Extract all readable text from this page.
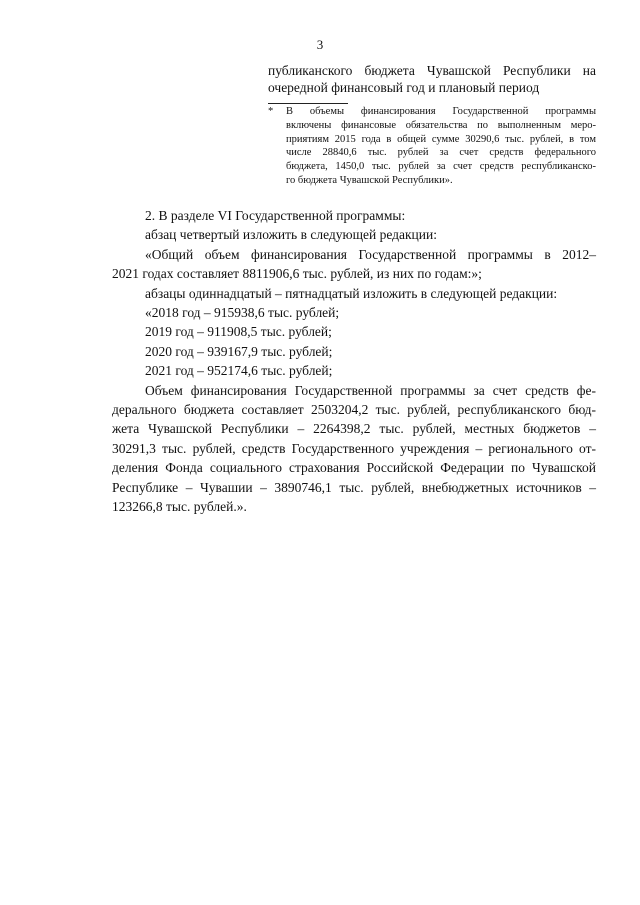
3
публиканского бюджета Чувашской Республики на
очередной финансовый год и плановый период
* В объемы финансирования Государственной программы
включены финансовые обязательства по выполненным меро-
приятиям 2015 года в общей сумме 30290,6 тыс. рублей, в том
числе 28840,6 тыс. рублей за счет средств федерального
бюджета, 1450,0 тыс. рублей за счет средств республиканско-
го бюджета Чувашской Республики».
2. В разделе VI Государственной программы:
абзац четвертый изложить в следующей редакции:
«Общий объем финансирования Государственной программы в 2012–
2021 годах составляет 8811906,6 тыс. рублей, из них по годам:»;
абзацы одиннадцатый – пятнадцатый изложить в следующей редакции:
«2018 год – 915938,6 тыс. рублей;
2019 год – 911908,5 тыс. рублей;
2020 год – 939167,9 тыс. рублей;
2021 год – 952174,6 тыс. рублей;
Объем финансирования Государственной программы за счет средств фе-
дерального бюджета составляет 2503204,2 тыс. рублей, республиканского бюд-
жета Чувашской Республики – 2264398,2 тыс. рублей, местных бюджетов –
30291,3 тыс. рублей, средств Государственного учреждения – регионального от-
деления Фонда социального страхования Российской Федерации по Чувашской
Республике – Чувашии – 3890746,1 тыс. рублей, внебюджетных источников –
123266,8 тыс. рублей.».
